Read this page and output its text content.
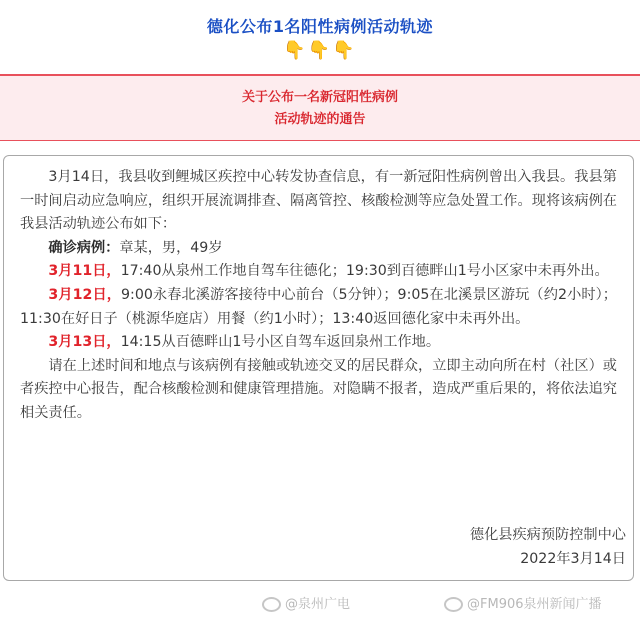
德化公布1名阳性病例活动轨迹
👇👇👇
关于公布一名新冠阳性病例
活动轨迹的通告

3月14日，我县收到鲤城区疾控中心转发协查信息，有一新冠阳性病例曾出入我县。我县第一时间启动应急响应，组织开展流调排查、隔离管控、核酸检测等应急处置工作。现将该病例在我县活动轨迹公布如下：

确诊病例：章某，男，49岁

3月11日，17:40从泉州工作地自驾车往德化；19:30到百德畔山1号小区家中未再外出。

3月12日，9:00永春北溪游客接待中心前台（5分钟）；9:05在北溪景区游玩（约2小时）；11:30在好日子（桃源华庭店）用餐（约1小时）；13:40返回德化家中未再外出。

3月13日，14:15从百德畔山1号小区自驾车返回泉州工作地。

请在上述时间和地点与该病例有接触或轨迹交叉的居民群众，立即主动向所在村（社区）或者疾控中心报告，配合核酸检测和健康管理措施。对隐瞒不报者，造成严重后果的，将依法追究相关责任。

德化县疾病预防控制中心
2022年3月14日
@泉州广电	@FM906泉州新闻广播
